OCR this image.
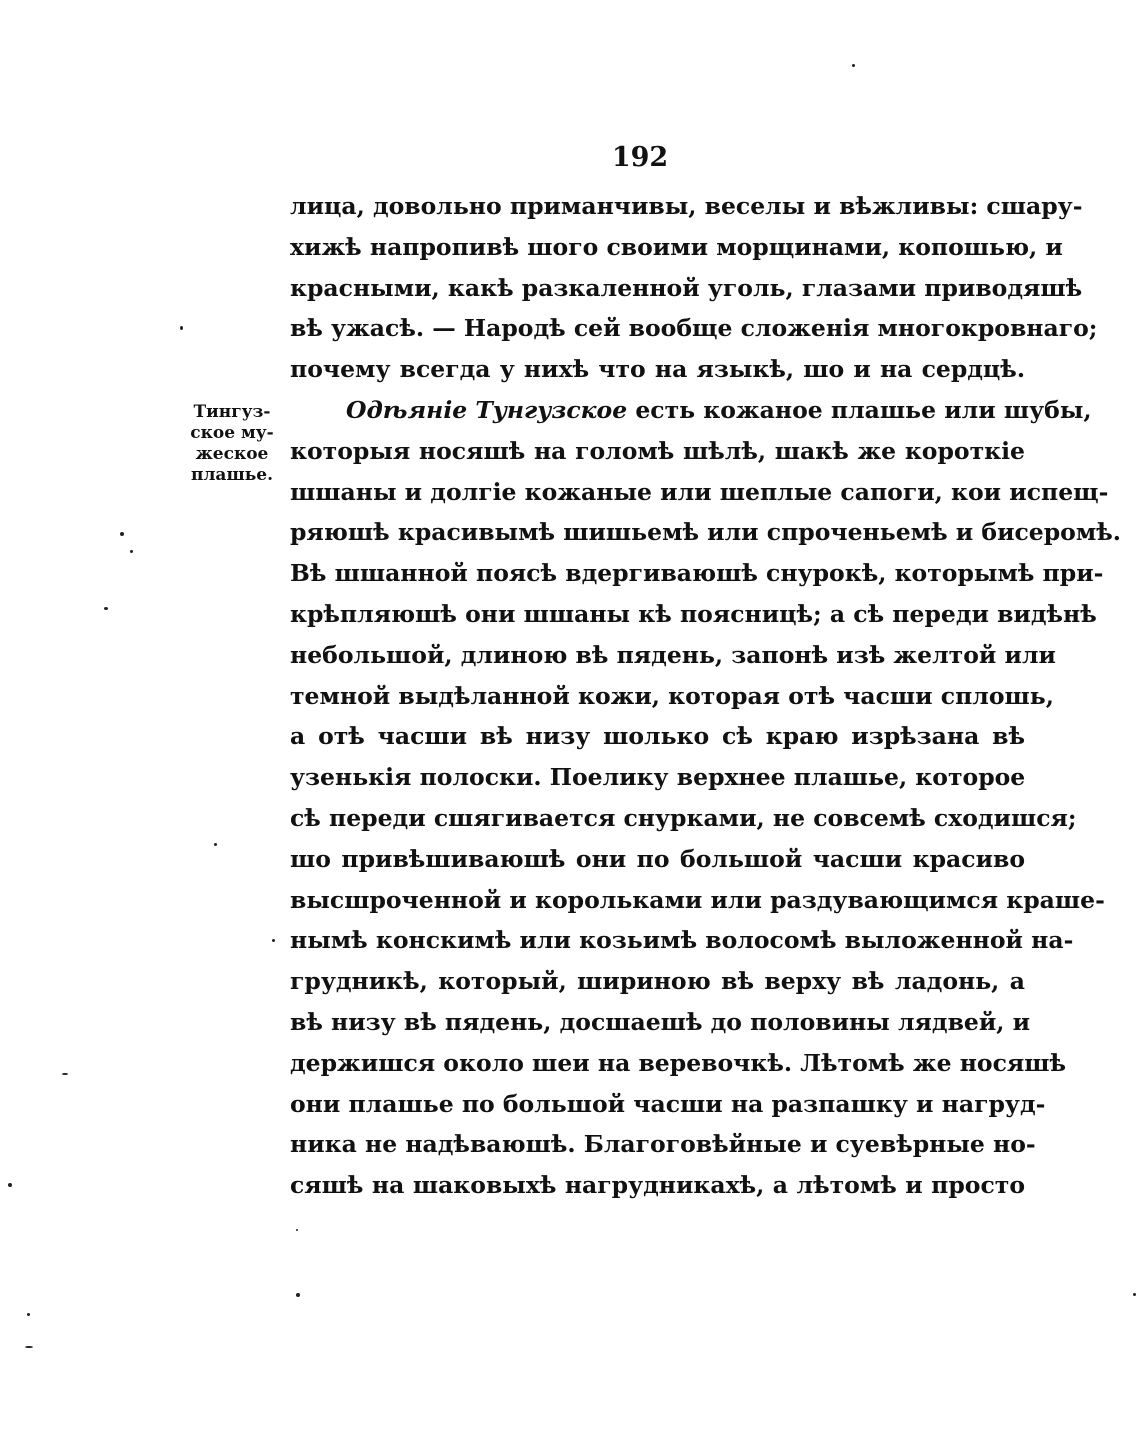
192
Тингуз-
ское му-
жеское
плашье.
лица, довольно приманчивы, веселы и вѣжливы: сшару-
хижѣ напропивѣ шого своими морщинами, копошью, и
красными, какѣ разкаленной уголь, глазами приводяшѣ
вѣ ужасѣ. — Народѣ сей вообще сложенія многокровнаго;
почему всегда у нихѣ что на языкѣ, шо и на сердцѣ.
Одѣяніе Тунгузское есть кожаное плашье или шубы,
которыя носяшѣ на голомѣ шѣлѣ, шакѣ же короткіе
шшаны и долгіе кожаные или шеплые сапоги, кои испещ-
ряюшѣ красивымѣ шишьемѣ или спроченьемѣ и бисеромѣ.
Вѣ шшанной поясѣ вдергиваюшѣ снурокѣ, которымѣ при-
крѣпляюшѣ они шшаны кѣ поясницѣ; а сѣ переди видѣнѣ
небольшой, длиною вѣ пядень, запонѣ изѣ желтой или
темной выдѣланной кожи, которая отѣ часши сплошь,
а отѣ часши вѣ низу шолько сѣ краю изрѣзана вѣ
узенькія полоски. Поелику верхнее плашье, которое
сѣ переди сшягивается снурками, не совсемѣ сходишся;
шо привѣшиваюшѣ они по большой часши красиво
высшроченной и корольками или раздувающимся краше-
нымѣ конскимѣ или козьимѣ волосомѣ выложенной на-
грудникѣ, который, шириною вѣ верху вѣ ладонь, а
вѣ низу вѣ пядень, досшаешѣ до половины лядвей, и
держишся около шеи на веревочкѣ. Лѣтомѣ же носяшѣ
они плашье по большой часши на разпашку и нагруд-
ника не надѣваюшѣ. Благоговѣйные и суевѣрные но-
сяшѣ на шаковыхѣ нагрудникахѣ, а лѣтомѣ и просто
